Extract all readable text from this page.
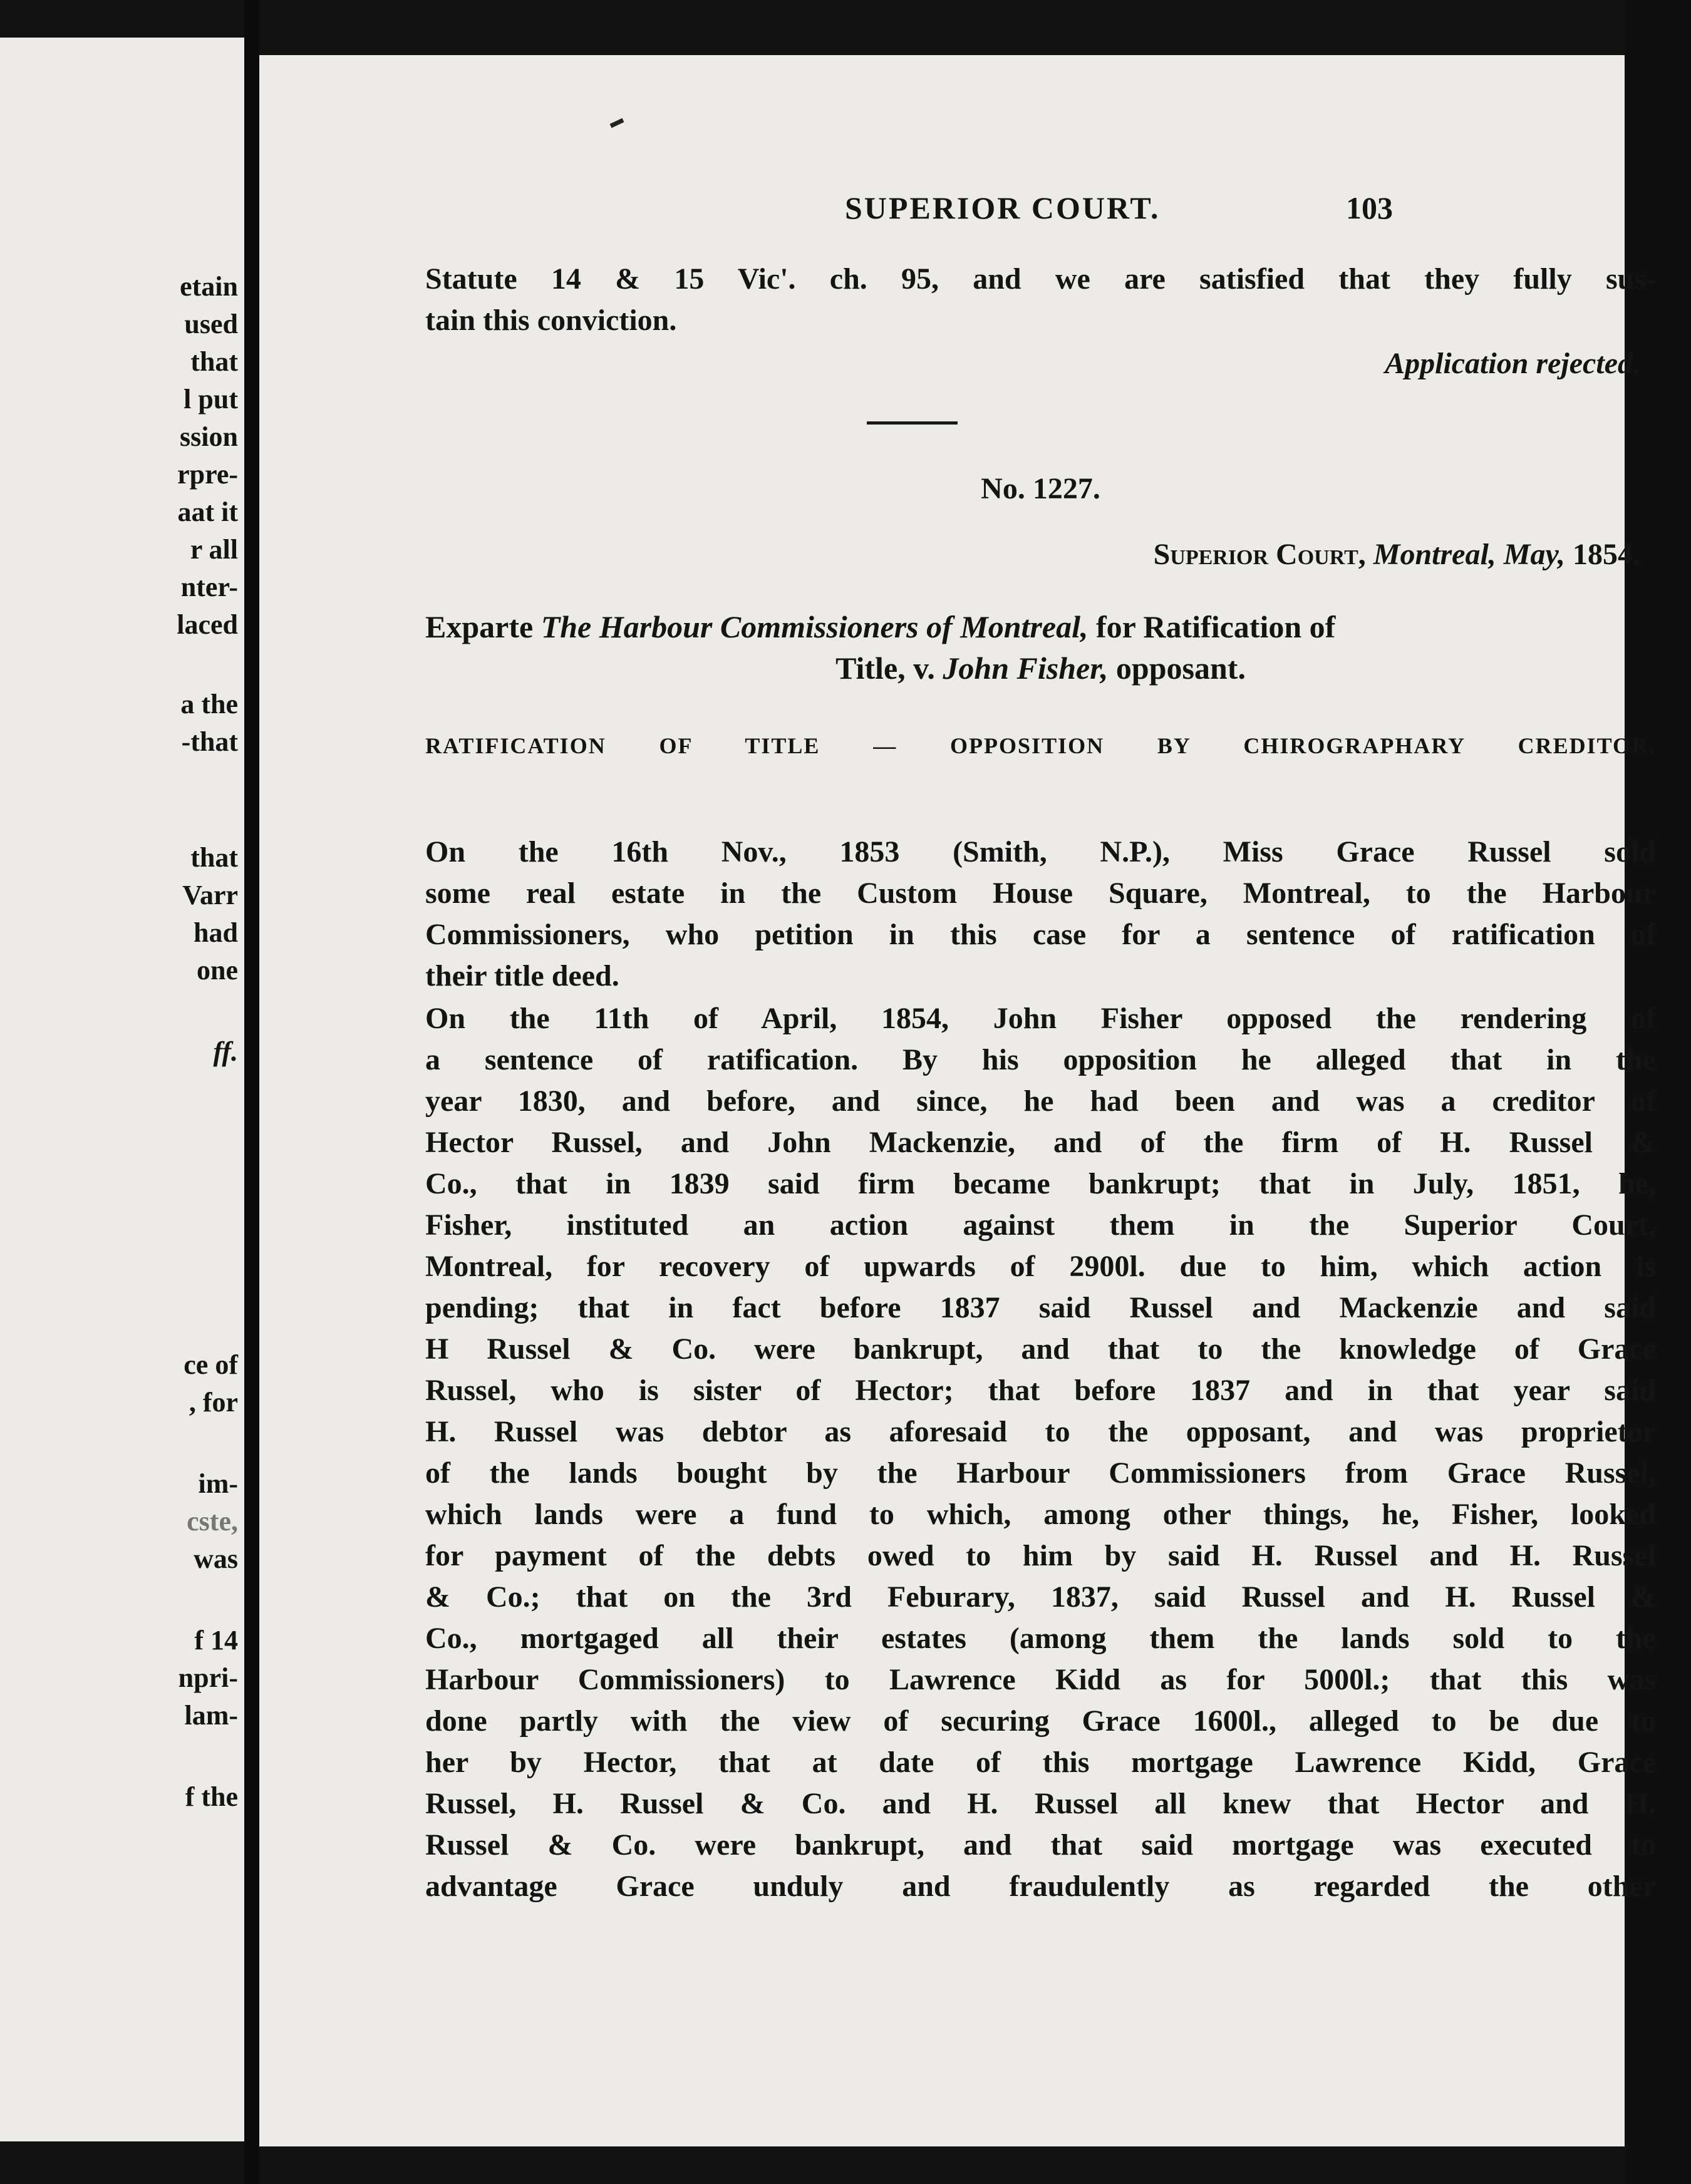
etain
used
that
l put
ssion
rpre-
aat it
r all
nter-
laced
a the
-that
that
Varr
had
one
ff.
ce of
, for
im-
cste,
was
f 14
npri-
lam-
f the
SUPERIOR COURT.	103
Statute 14 & 15 Vic'. ch. 95, and we are satisfied that they fully sus-
tain this conviction.
Application rejected.
No. 1227.
Superior Court, Montreal, May, 1854.
Exparte The Harbour Commissioners of Montreal, for Ratification of
Title, v. John Fisher, opposant.
RATIFICATION OF TITLE — OPPOSITION BY CHIROGRAPHARY CREDITOR.
On the 16th Nov., 1853 (Smith, N.P.), Miss Grace Russel sold
some real estate in the Custom House Square, Montreal, to the Harbour
Commissioners, who petition in this case for a sentence of ratification of
their title deed.
On the 11th of April, 1854, John Fisher opposed the rendering of
a sentence of ratification. By his opposition he alleged that in the
year 1830, and before, and since, he had been and was a creditor of
Hector Russel, and John Mackenzie, and of the firm of H. Russel &
Co., that in 1839 said firm became bankrupt; that in July, 1851, he,
Fisher, instituted an action against them in the Superior Court,
Montreal, for recovery of upwards of 2900l. due to him, which action is
pending; that in fact before 1837 said Russel and Mackenzie and said
H Russel & Co. were bankrupt, and that to the knowledge of Grace
Russel, who is sister of Hector; that before 1837 and in that year said
H. Russel was debtor as aforesaid to the opposant, and was proprietor
of the lands bought by the Harbour Commissioners from Grace Russel,
which lands were a fund to which, among other things, he, Fisher, looked
for payment of the debts owed to him by said H. Russel and H. Russel
& Co.; that on the 3rd Feburary, 1837, said Russel and H. Russel &
Co., mortgaged all their estates (among them the lands sold to the
Harbour Commissioners) to Lawrence Kidd as for 5000l.; that this was
done partly with the view of securing Grace 1600l., alleged to be due to
her by Hector, that at date of this mortgage Lawrence Kidd, Grace
Russel, H. Russel & Co. and H. Russel all knew that Hector and H.
Russel & Co. were bankrupt, and that said mortgage was executed to
advantage Grace unduly and fraudulently as regarded the other
